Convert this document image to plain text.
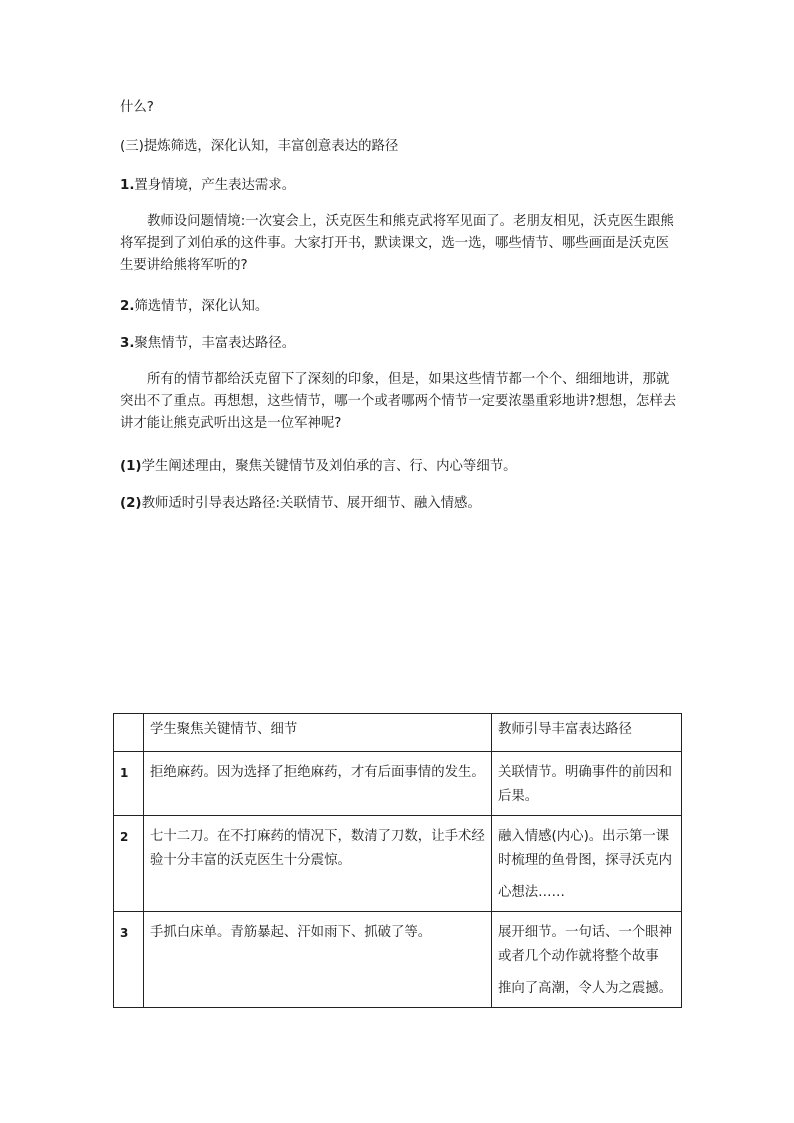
什么?

(三)提炼筛选，深化认知，丰富创意表达的路径

1.置身情境，产生表达需求。

教师设问题情境:一次宴会上，沃克医生和熊克武将军见面了。老朋友相见，沃克医生跟熊将军提到了刘伯承的这件事。大家打开书，默读课文，选一选，哪些情节、哪些画面是沃克医生要讲给熊将军听的?

2.筛选情节，深化认知。

3.聚焦情节，丰富表达路径。

所有的情节都给沃克留下了深刻的印象，但是，如果这些情节都一个个、细细地讲，那就突出不了重点。再想想，这些情节，哪一个或者哪两个情节一定要浓墨重彩地讲?想想，怎样去讲才能让熊克武听出这是一位军神呢?

(1)学生阐述理由，聚焦关键情节及刘伯承的言、行、内心等细节。

(2)教师适时引导表达路径:关联情节、展开细节、融入情感。

	学生聚焦关键情节、细节	教师引导丰富表达路径
1	拒绝麻药。因为选择了拒绝麻药，才有后面事情的发生。	关联情节。明确事件的前因和后果。

2	七十二刀。在不打麻药的情况下，数清了刀数，让手术经验十分丰富的沃克医生十分震惊。	融入情感(内心)。出示第一课时梳理的鱼骨图，探寻沃克内
心想法……

3	手抓白床单。青筋暴起、汗如雨下、抓破了等。	展开细节。一句话、一个眼神或者几个动作就将整个故事
推向了高潮，令人为之震撼。
